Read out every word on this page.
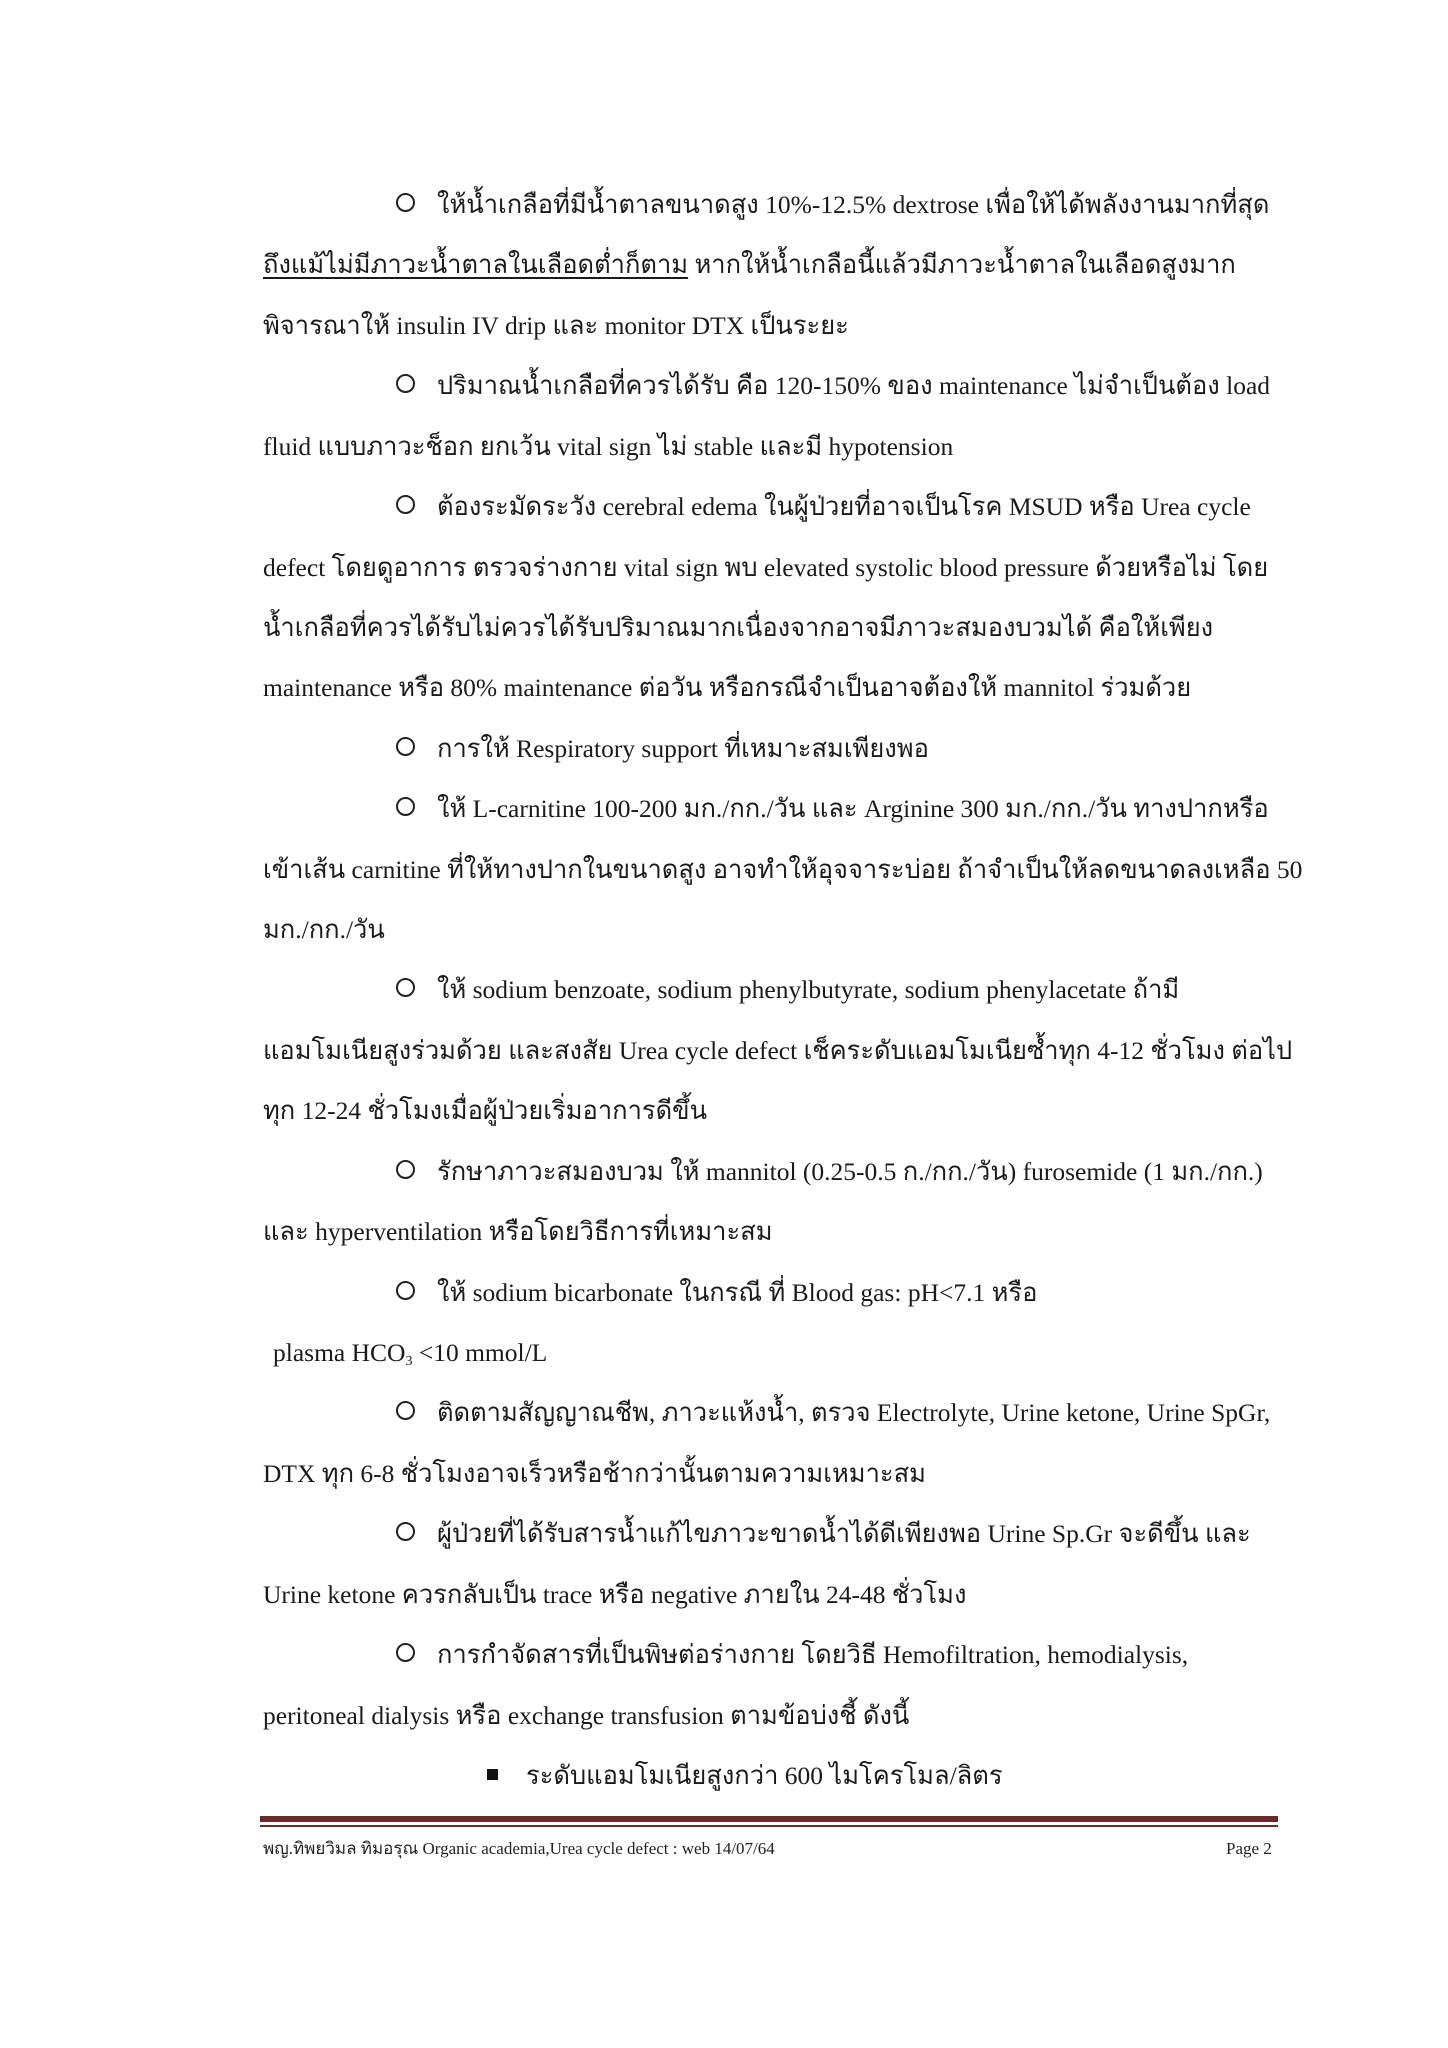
ให้น้ำเกลือที่มีน้ำตาลขนาดสูง 10%-12.5% dextrose เพื่อให้ได้พลังงานมากที่สุด
ถึงแม้ไม่มีภาวะน้ำตาลในเลือดต่ำก็ตาม หากให้น้ำเกลือนี้แล้วมีภาวะน้ำตาลในเลือดสูงมาก
พิจารณาให้ insulin IV drip และ monitor DTX เป็นระยะ
ปริมาณน้ำเกลือที่ควรได้รับ คือ 120-150% ของ maintenance ไม่จำเป็นต้อง load
fluid แบบภาวะช็อก ยกเว้น vital sign ไม่ stable และมี hypotension
ต้องระมัดระวัง cerebral edema ในผู้ป่วยที่อาจเป็นโรค MSUD หรือ Urea cycle
defect โดยดูอาการ ตรวจร่างกาย vital sign พบ elevated systolic blood pressure ด้วยหรือไม่ โดย
น้ำเกลือที่ควรได้รับไม่ควรได้รับปริมาณมากเนื่องจากอาจมีภาวะสมองบวมได้ คือให้เพียง
maintenance หรือ 80% maintenance ต่อวัน หรือกรณีจำเป็นอาจต้องให้ mannitol ร่วมด้วย
การให้ Respiratory support ที่เหมาะสมเพียงพอ
ให้ L-carnitine 100-200 มก./กก./วัน และ Arginine 300 มก./กก./วัน ทางปากหรือ
เข้าเส้น carnitine ที่ให้ทางปากในขนาดสูง อาจทำให้อุจจาระบ่อย ถ้าจำเป็นให้ลดขนาดลงเหลือ 50
มก./กก./วัน
ให้ sodium benzoate, sodium phenylbutyrate, sodium phenylacetate ถ้ามี
แอมโมเนียสูงร่วมด้วย และสงสัย Urea cycle defect เช็คระดับแอมโมเนียซ้ำทุก 4-12 ชั่วโมง ต่อไป
ทุก 12-24 ชั่วโมงเมื่อผู้ป่วยเริ่มอาการดีขึ้น
รักษาภาวะสมองบวม ให้ mannitol (0.25-0.5 ก./กก./วัน) furosemide (1 มก./กก.)
และ hyperventilation หรือโดยวิธีการที่เหมาะสม
ให้ sodium bicarbonate ในกรณี ที่ Blood gas: pH<7.1 หรือ
plasma $HCO_3 <10$ mmol/L
ติดตามสัญญาณชีพ, ภาวะแห้งน้ำ, ตรวจ Electrolyte, Urine ketone, Urine SpGr,
DTX ทุก 6-8 ชั่วโมงอาจเร็วหรือช้ากว่านั้นตามความเหมาะสม
ผู้ป่วยที่ได้รับสารน้ำแก้ไขภาวะขาดน้ำได้ดีเพียงพอ Urine Sp.Gr จะดีขึ้น และ
Urine ketone ควรกลับเป็น trace หรือ negative ภายใน 24-48 ชั่วโมง
การกำจัดสารที่เป็นพิษต่อร่างกาย โดยวิธี Hemofiltration, hemodialysis,
peritoneal dialysis หรือ exchange transfusion ตามข้อบ่งชี้ ดังนี้
ระดับแอมโมเนียสูงกว่า 600 ไมโครโมล/ลิตร
พญ.ทิพยวิมล ทิมอรุณ Organic academia,Urea cycle defect : web 14/07/64	Page 2
